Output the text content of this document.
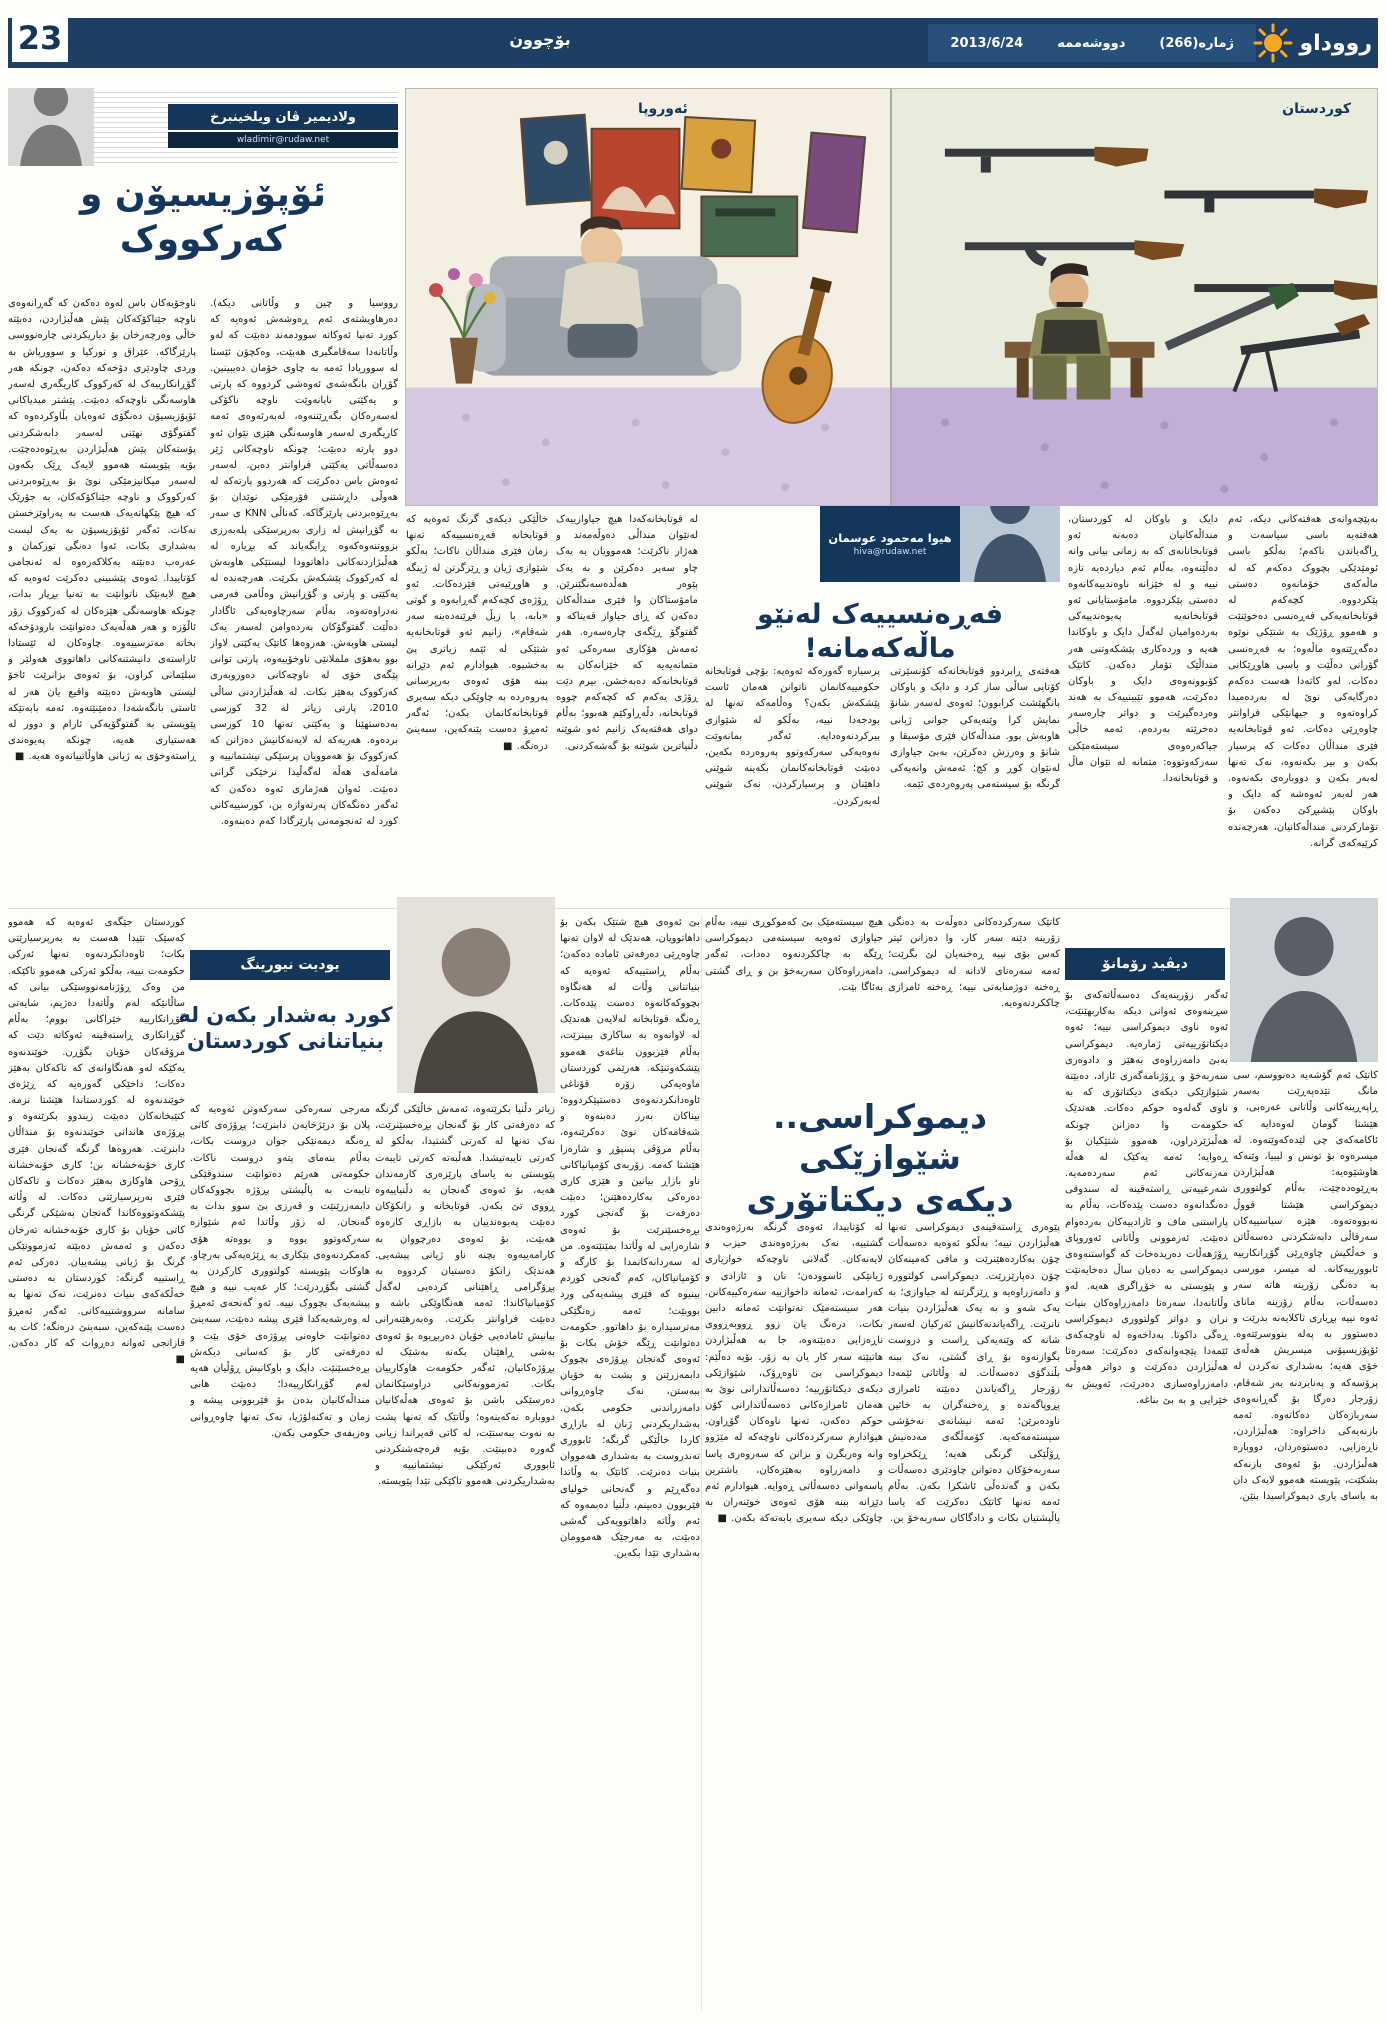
23	بۆچوون	ژماره‌(266)
دووشه‌ممه‌
2013/6/24	رووداو
ولادیمیر ڤان ویلخینبرخ
wladimir@rudaw.net
ئۆپۆزیسیۆن و
که‌رکووک
رووسیا و چین و وڵاتانی دیکە). دەرهاویشتەی ئەم ڕەوشەش ئەوەیە کە کورد تەنیا ئەوکاتە سوودمەند دەبێت کە لەو وڵاتانەدا سەقامگیری هەبێت، وەکچۆن ئێستا لە سووریادا ئەمە بە چاوی خۆمان دەیبینین. گۆڕان بانگەشەی ئەوەشی کردووە کە پارتی و یەکێتی نایانەوێت ناوچە ناکۆکی لەسەرەکان بگەڕێننەوە، لەبەرئەوەی ئەمە کاریگەری لەسەر هاوسەنگی هێزی نێوان ئەو دوو پارتە دەبێت؛ چونکە ناوچەکانی ژێر دەسەڵاتی یەکێتی فراوانتر دەبن. لەسەر ئەوەش باس دەکرێت کە هەردوو پارتەکە لە هەوڵی داڕشتنی فۆرمێکی نوێدان بۆ بەڕێوەبردنی پارێزگاکە. کەناڵی KNN ی سەر بە گۆڕانیش لە زاری بەرپرسێکی پلەبەرزی بزووتنەوەکەوە ڕایگەیاند کە بڕیارە لە هەڵبژاردنەکانی داهاتوودا لیستێکی هاوبەش لە کەرکووک پێشکەش بکرێت. هەرچەندە لە یەکێتی و پارتی و گۆڕانیش وەڵامی فەرمی نەدراوەتەوە، بەڵام سەرچاوەیەکی ئاگادار دەڵێت گفتوگۆکان بەردەوامن لەسەر یەک لیستی هاوبەش. هەروەها کاتێک یەکێتی لاواز بوو بەهۆی ململانێی ناوخۆییەوە، پارتی توانی پێگەی خۆی لە ناوچەکانی دەوروبەری کەرکووک بەهێز بکات. لە هەڵبژاردنی ساڵی 2010، پارتی زیاتر لە 32 کورسی بەدەستهێنا و یەکێتی تەنها 10 کورسی بردەوە. هەریەکە لە لایەنەکانیش دەزانن کە کەرکووک بۆ هەموویان پرسێکی نیشتمانییە و مامەڵەی هەڵە لەگەڵیدا نرخێکی گرانی دەبێت. ئەوان هەژماری ئەوە دەکەن کە ئەگەر دەنگەکان پەرتەوازە بن، کورسییەکانی کورد لە ئەنجومەنی پارێزگادا کەم دەبنەوە.
ناوخۆیەکان باس لەوە دەکەن کە گەڕانەوەی ناوچە جێناکۆکەکان پێش هەڵبژاردن، دەبێتە خاڵی وەرچەرخان بۆ دیاریکردنی چارەنووسی پارێزگاکە. عێراق و تورکیا و سووریاش بە وردی چاودێری دۆخەکە دەکەن، چونکە هەر گۆڕانکارییەک لە کەرکووک کاریگەری لەسەر هاوسەنگی ناوچەکە دەبێت. پێشتر میدیاکانی ئۆپۆزیسیۆن دەنگۆی ئەوەیان بڵاوکردەوە کە گفتوگۆی نهێنی لەسەر دابەشکردنی پۆستەکان پێش هەڵبژاردن بەڕێوەدەچێت. بۆیە پێویستە هەموو لایەک ڕێک بکەون لەسەر میکانیزمێکی نوێ بۆ بەڕێوەبردنی کەرکووک و ناوچە جێناکۆکەکان، بە جۆرێک کە هیچ پێکهاتەیەک هەست بە پەراوێزخستن نەکات. ئەگەر ئۆپۆزیسیۆن بە یەک لیست بەشداری بکات، ئەوا دەنگی تورکمان و عەرەب دەبێتە یەکلاکەرەوە لە ئەنجامی کۆتاییدا. ئەوەی پێشبینی دەکرێت ئەوەیە کە هیچ لایەنێک ناتوانێت بە تەنیا بڕیار بدات، چونکە هاوسەنگی هێزەکان لە کەرکووک زۆر ئاڵۆزە و هەر هەڵەیەک دەتوانێت بارودۆخەکە بخاتە مەترسییەوە. چاوەکان لە ئێستادا ئاراستەی دانیشتنەکانی داهاتووی هەولێر و سلێمانی کراون، بۆ ئەوەی بزانرێت ئاخۆ لیستی هاوبەش دەبێتە واقیع یان هەر لە ئاستی بانگەشەدا دەمێنێتەوە. ئەمە بابەتێکە پێویستی بە گفتوگۆیەکی ئارام و دوور لە هەستیاری هەیە، چونکە پەیوەندی ڕاستەوخۆی بە ژیانی هاوڵاتییانەوە هەیە. ■
ئه‌وروپا	کوردستان
هیوا مه‌حمود عوسمان
hiva@rudaw.net
فه‌ڕه‌نسییه‌ک له‌نێو ماڵه‌که‌مانه‌!
به‌پێچه‌وانه‌ی هەفتەکانی دیکە، ئەم هەفتەیە باسی سیاسەت و ڕاگەیاندن ناکەم؛ بەڵکو باسی ئومێدێکی بچووک دەکەم کە لە ماڵەکەی خۆمانەوە دەستی پێکردووە. کچەکەم لە قوتابخانەیەکی فەڕەنسی دەخوێنێت و هەموو ڕۆژێک بە شتێکی نوێوە دەگەڕێتەوە ماڵەوە؛ بە فەڕەنسی گۆرانی دەڵێت و باسی هاوڕێکانی دەکات. لەو کاتەدا هەست دەکەم دەرگایەکی نوێ لە بەردەمیدا کراوەتەوە و جیهانێکی فراوانتر چاوەڕێی دەکات. ئەو قوتابخانەیە فێری منداڵان دەکات کە پرسیار بکەن و بیر بکەنەوە، نەک تەنها لەبەر بکەن و دووبارەی بکەنەوە. هەر لەبەر ئەوەشە کە دایک و باوکان پێشبڕکێ دەکەن بۆ تۆمارکردنی منداڵەکانیان، هەرچەندە کرێیەکەی گرانە.
دایک و باوکان لە کوردستان، منداڵەکانیان دەبەنە ئەو قوتابخانانەی کە بە زمانی بیانی وانە دەڵێنەوە، بەڵام ئەم دیاردەیە تازە نییە و لە خێزانە ناوەندییەکانەوە دەستی پێکردووە. مامۆستایانی ئەو قوتابخانەیە پەیوەندییەکی بەردەوامیان لەگەڵ دایک و باوکاندا هەیە و وردەکاری پێشکەوتنی هەر منداڵێک تۆمار دەکەن. کاتێک کۆبوونەوەی دایک و باوکان دەکرێت، هەموو تێبینییەک بە هەند وەردەگیرێت و دواتر چارەسەر دەخرێتە بەردەم. ئەمە خاڵی جیاکەرەوەی سیستەمێکی سەرکەوتووە: متمانە لە نێوان ماڵ و قوتابخانەدا.
هەفتەی ڕابردوو قوتابخانەکە کۆنسێرتی کۆتایی ساڵی ساز کرد و دایک و باوکان بانگهێشت کرابوون؛ ئەوەی لەسەر شانۆ نمایش کرا وێنەیەکی جوانی ژیانی هاوبەش بوو. منداڵەکان فێری مۆسیقا و شانۆ و وەرزش دەکرێن، بەبێ جیاوازی لەنێوان کوڕ و کچ؛ ئەمەش وانەیەکی گرنگە بۆ سیستەمی پەروەردەی ئێمە.
پرسیارە گەورەکە ئەوەیە: بۆچی قوتابخانە حکومییەکانمان ناتوانن هەمان ئاست پێشکەش بکەن؟ وەڵامەکە تەنها لە بودجەدا نییە، بەڵکو لە شێوازی بیرکردنەوەدایە. ئەگەر بمانەوێت نەوەیەکی سەرکەوتوو پەروەردە بکەین، دەبێت قوتابخانەکانمان بکەینە شوێنی داهێنان و پرسیارکردن، نەک شوێنی لەبەرکردن.
لە قوتابخانەکەدا هیچ جیاوازییەک لەنێوان منداڵی دەوڵەمەند و هەژار ناکرێت؛ هەموویان بە یەک چاو سەیر دەکرێن و بە یەک پێوەر هەڵدەسەنگێنرێن. مامۆستاکان وا فێری منداڵەکان دەکەن کە ڕای جیاواز قەیناکە و گفتوگۆ ڕێگەی چارەسەرە. هەر ئەمەش هۆکاری سەرەکی ئەو متمانەیەیە کە خێزانەکان بە قوتابخانەکە دەبەخشن. بیرم دێت ڕۆژی یەکەم کە کچەکەم چووە قوتابخانە، دڵەڕاوکێم هەبوو؛ بەڵام دوای هەفتەیەک زانیم ئەو شوێنە دڵنیاترین شوێنە بۆ گەشەکردنی.
خاڵێکی دیکەی گرنگ ئەوەیە کە قوتابخانە فەڕەنسییەکە تەنها زمان فێری منداڵان ناکات؛ بەڵکو شێوازی ژیان و ڕێزگرتن لە ژینگە و هاوڕێیەتی فێردەکات. ئەو ڕۆژەی کچەکەم گەڕایەوە و گوتی «بابە، با زبڵ فڕێنەدەینە سەر شەقام»، زانیم ئەو قوتابخانەیە شتێکی لە ئێمە زیاتری پێ بەخشیوە. هیوادارم ئەم دێڕانە ببنە هۆی ئەوەی بەرپرسانی پەروەردە بە چاوێکی دیکە سەیری قوتابخانەکانمان بکەن؛ ئەگەر ئەمڕۆ دەست پێنەکەین، سبەینێ درەنگە. ■
یودیت نیورینگ
کورد به‌شدار بکه‌ن له‌
بنیاتنانی کوردستان
بێ ئەوەی هیچ شتێک بکەن بۆ داهاتوویان، هەندێک لە لاوان تەنها چاوەڕێی دەرفەتی ئامادە دەکەن؛ بەڵام ڕاستییەکە ئەوەیە کە بنیاتنانی وڵات لە هەنگاوە بچووکەکانەوە دەست پێدەکات. ڕەنگە قوتابخانە لەلایەن هەندێک لە لاوانەوە بە ساکاری ببینرێت، بەڵام فێربوون بناغەی هەموو پێشکەوتنێکە. هەرێمی کوردستان ماوەیەکی زۆرە قۆناغی ئاوەدانکردنەوەی دەستپێکردووە؛ بیناکان بەرز دەبنەوە و شەقامەکان نوێ دەکرێنەوە، بەڵام مرۆڤی پسپۆڕ و شارەزا هێشتا کەمە. زۆربەی کۆمپانیاکانی ناو بازاڕ بیانین و هێزی کاری دەرەکی بەکاردەهێنن؛ دەبێت دەرفەت بۆ گەنجی کورد بڕەخسێنرێت بۆ ئەوەی شارەزایی لە وڵاتدا بمێنێتەوە. من لە سەردانەکانمدا بۆ کارگە و کۆمپانیاکان، کەم گەنجی کوردم بینیوە کە فێری پیشەیەکی ورد بووبێت؛ ئەمە زەنگێکی مەترسیدارە بۆ داهاتوو. حکومەت دەتوانێت ڕێگە خۆش بکات بۆ ئەوەی گەنجان پڕۆژەی بچووک دابمەزرێنن و پشت بە خۆیان ببەستن، نەک چاوەڕوانی دامەزراندنی حکومی بکەن. بەشداریکردنی ژنان لە بازاڕی کاردا خاڵێکی گرنگە؛ ئابووری تەندروست بە بەشداری هەمووان بنیات دەنرێت. کاتێک بە وڵاتدا دەگەڕێم و گەنجانی خولیای فێربوون دەبینم، دڵنیا دەبمەوە کە ئەم وڵاتە داهاتوویەکی گەشی دەبێت، بە مەرجێک هەموومان بەشداری تێدا بکەین.
زیاتر دڵنیا بکرێتەوە، ئەمەش خاڵێکی گرنگە کە دەرفەتی کار بۆ گەنجان بڕەخسێنرێت، نەک تەنها لە کەرتی گشتیدا، بەڵکو لە کەرتی تایبەتیشدا. هەڵبەتە کەرتی تایبەت پێویستی بە یاسای پارێزەری کارمەندان هەیە، بۆ ئەوەی گەنجان بە دڵنیاییەوە ڕووی تێ بکەن. قوتابخانە و زانکۆکان دەبێت پەیوەندییان بە بازاڕی کارەوە هەبێت، بۆ ئەوەی دەرچووان بە کارامەییەوە بچنە ناو ژیانی پیشەیی. هەندێک زانکۆ دەستیان کردووە بە پڕۆگرامی ڕاهێنانی کردەیی لەگەڵ کۆمپانیاکاندا؛ ئەمە هەنگاوێکی باشە و دەبێت فراوانتر بکرێت. وەبەرهێنەرانی بیانیش ئامادەیی خۆیان دەربڕیوە بۆ ئەوەی بەشی ڕاهێنان بکەنە بەشێک لە پڕۆژەکانیان، ئەگەر حکومەت هاوکارییان بکات. ئەزموونەکانی دراوسێکانمان دەرسێکی باشن بۆ ئەوەی هەڵەکانیان دووبارە نەکەینەوە؛ وڵاتێک کە تەنها پشت بە نەوت ببەستێت، لە کاتی قەیراندا زیانی گەورە دەبینێت. بۆیە فرەچەشنکردنی ئابووری ئەرکێکی نیشتمانییە و بەشداریکردنی هەموو تاکێکی تێدا پێویستە.
مەرجی سەرەکی سەرکەوتن ئەوەیە کە پلان بۆ درێژخایەن دابنرێت؛ پڕۆژەی کاتی ڕەنگە دیمەنێکی جوان دروست بکات، بەڵام بنەمای پتەو دروست ناکات. حکومەتی هەرێم دەتوانێت سندوقێکی تایبەت بە پاڵپشتی پڕۆژە بچووکەکان دابمەزرێنێت و قەرزی بێ سوو بدات بە گەنجان. لە زۆر وڵاتدا ئەم شێوازە سەرکەوتوو بووە و بووەتە هۆی کەمکردنەوەی بێکاری بە ڕێژەیەکی بەرچاو. هاوکات پێویستە کولتووری کارکردن بە گشتی بگۆڕدرێت؛ کار عەیب نییە و هیچ پیشەیەک بچووک نییە. ئەو گەنجەی ئەمڕۆ لە وەرشەیەکدا فێری پیشە دەبێت، سبەینێ دەتوانێت خاوەنی پڕۆژەی خۆی بێت و دەرفەتی کار بۆ کەسانی دیکەش بڕەخسێنێت. دایک و باوکانیش ڕۆڵیان هەیە لەم گۆڕانکارییەدا؛ دەبێت هانی منداڵەکانیان بدەن بۆ فێربوونی پیشە و زمان و تەکنەلۆژیا، نەک تەنها چاوەڕوانی وەزیفەی حکومی بکەن.
کوردستان جێگەی ئەوەیە کە هەموو کەسێک تێیدا هەست بە بەرپرسیارێتی بکات؛ ئاوەدانکردنەوە تەنها ئەرکی حکومەت نییە، بەڵکو ئەرکی هەموو تاکێکە. من وەک ڕۆژنامەنووسێکی بیانی کە ساڵانێکە لەم وڵاتەدا دەژیم، شایەتی گۆڕانکارییە خێراکانی بووم؛ بەڵام گۆڕانکاری ڕاستەقینە ئەوکاتە دێت کە مرۆڤەکان خۆیان بگۆڕن. خوێندنەوە یەکێکە لەو هەنگاوانەی کە تاکەکان بەهێز دەکات؛ داخێکی گەورەیە کە ڕێژەی خوێندنەوە لە کوردستاندا هێشتا نزمە. کتێبخانەکان دەبێت زیندوو بکرێنەوە و پڕۆژەی هاندانی خوێندنەوە بۆ منداڵان دابنرێت. هەروەها گرنگە گەنجان فێری کاری خۆبەخشانە بن؛ کاری خۆبەخشانە ڕۆحی هاوکاری بەهێز دەکات و تاکەکان فێری بەرپرسیارێتی دەکات. لە وڵاتە پێشکەوتووەکاندا گەنجان بەشێکی گرنگی کاتی خۆیان بۆ کاری خۆبەخشانە تەرخان دەکەن و ئەمەش دەبێتە ئەزموونێکی گرنگ بۆ ژیانی پیشەییان. دەرکی ئەم ڕاستییە گرنگە: کوردستان بە دەستی خەڵکەکەی بنیات دەنرێت، نەک تەنها بە سامانە سرووشتییەکانی. ئەگەر ئەمڕۆ دەست پێنەکەین، سبەینێ درەنگە؛ کات بە قازانجی ئەوانە دەڕوات کە کار دەکەن. ■
دیڤید رۆمانۆ
کاتێک سەرکردەکانی دەوڵەت بە دەنگی زۆرینە دێنە سەر کار، وا دەزانن ئیتر کەس بۆی نییە ڕەخنەیان لێ بگرێت؛ ئەمە سەرەتای لادانە لە دیموکراسی. ڕەخنە دوژمنایەتی نییە؛ ڕەخنە ئامرازی چاککردنەوەیە.
هیچ سیستەمێک بێ کەموکوڕی نییە، بەڵام جیاوازی ئەوەیە سیستەمی دیموکراسی ڕێگە بە چاککردنەوە دەدات، ئەگەر دامەزراوەکان سەربەخۆ بن و ڕای گشتی بەئاگا بێت.
دیموکراسی.. شێوازێکی
دیکه‌ی دیکتاتۆری
کاتێک ئەم گۆشەیە دەنووسم، سی مانگ تێدەپەڕێت بەسەر ڕاپەڕینەکانی وڵاتانی عەرەبی، و هێشتا گومان لەوەدایە کە ئاکامەکەی چی لێدەکەوێتەوە. لە میسرەوە بۆ تونس و لیبیا، وێنەکە هاوشێوەیە: هەڵبژاردن بەڕێوەدەچێت، بەڵام کولتووری دیموکراسی هێشتا قووڵ نەبووەتەوە. هێزە سیاسییەکان سەرقاڵی دابەشکردنی دەسەڵاتن و خەڵکیش چاوەڕێی گۆڕانکارییە ئابوورییەکانە. لە میسر، مورسی بە دەنگی زۆرینە هاتە سەر دەسەڵات، بەڵام زۆرینە مانای ئەوە نییە بڕیاری تاکلایەنە بدرێت و دەستوور بە پەلە بنووسرێتەوە. ئۆپۆزیسیۆنی میسریش هەڵەی خۆی هەیە؛ بەشداری نەکردن لە پرۆسەکە و پەنابردنە بەر شەقام، زۆرجار دەرگا بۆ گەڕانەوەی سەربازەکان دەکاتەوە. ئەمە بازنەیەکی داخراوە: هەڵبژاردن، ناڕەزایی، دەستوەردان، دووبارە هەڵبژاردن. بۆ ئەوەی بازنەکە بشکێت، پێویستە هەموو لایەک دان بە یاسای یاری دیموکراسیدا بنێن.
ئەگەر زۆرینەیەک دەسەڵاتەکەی بۆ سڕینەوەی ئەوانی دیکە بەکاربهێنێت، ئەوە ناوی دیموکراسی نییە؛ ئەوە دیکتاتۆرییەتی ژمارەیە. دیموکراسی بەبێ دامەزراوەی بەهێز و دادوەری سەربەخۆ و ڕۆژنامەگەری ئازاد، دەبێتە شێوازێکی دیکەی دیکتاتۆری کە بە ناوی گەلەوە حوکم دەکات. هەندێک حکومەت وا دەزانن چونکە هەڵبژێردراون، هەموو شتێکیان بۆ ڕەوایە؛ ئەمە یەکێک لە هەڵە مەزنەکانی ئەم سەردەمەیە. شەرعییەتی ڕاستەقینە لە سندوقی دەنگدانەوە دەست پێدەکات، بەڵام بە پاراستنی ماف و ئازادییەکان بەردەوام دەبێت. ئەزموونی وڵاتانی ئەوروپای ڕۆژهەڵات دەریدەخات کە گواستنەوەی دیموکراسی بە دەیان ساڵ دەخایەنێت و پێویستی بە خۆڕاگری هەیە. لەو وڵاتانەدا، سەرەتا دامەزراوەکان بنیات نران و دواتر کولتووری دیموکراسی ڕەگی داکوتا. بەداخەوە لە ناوچەکەی ئێمەدا پێچەوانەکەی دەکرێت: سەرەتا هەڵبژاردن دەکرێت و دواتر هەوڵی دامەزراوەسازی دەدرێت، ئەویش بە خێرایی و بە بێ بناغە.
پێوەری ڕاستەقینەی دیموکراسی تەنها هەڵبژاردن نییە؛ بەڵکو ئەوەیە دەسەڵات چۆن بەکاردەهێنرێت و مافی کەمینەکان چۆن دەپارێزرێت. دیموکراسی کولتوورە و دامەزراوەیە و ڕێزگرتنە لە جیاوازی؛ بە یەک شەو و بە یەک هەڵبژاردن بنیات نانرێت. ڕاگەیاندنەکانیش ئەرکیان لەسەر شانە کە وێنەیەکی ڕاست و دروست بگوازنەوە بۆ ڕای گشتی، نەک ببنە بڵندگۆی دەسەڵات. لە وڵاتانی ئێمەدا زۆرجار ڕاگەیاندن دەبێتە ئامرازی پڕوپاگەندە و ڕەخنەگران بە خائین ناودەبرێن؛ ئەمە نیشانەی نەخۆشی سیستەمەکەیە. کۆمەڵگەی مەدەنیش ڕۆڵێکی گرنگی هەیە؛ ڕێکخراوە سەربەخۆکان دەتوانن چاودێری دەسەڵات بکەن و گەندەڵی ئاشکرا بکەن. بەڵام ئەمە تەنها کاتێک دەکرێت کە یاسا پاڵپشتیان بکات و دادگاکان سەربەخۆ بن.
لە کۆتاییدا، ئەوەی گرنگە بەرژەوەندی گشتییە، نەک بەرژەوەندی حیزب و لایەنەکان. گەلانی ناوچەکە خوازیاری ژیانێکی ئاسوودەن؛ نان و ئازادی و کەرامەت، ئەمانە داخوازییە سەرەکییەکانن. هەر سیستەمێک نەتوانێت ئەمانە دابین بکات، درەنگ یان زوو ڕووبەڕووی ناڕەزایی دەبێتەوە، جا بە هەڵبژاردن هاتبێتە سەر کار یان بە زۆر. بۆیە دەڵێم: دیموکراسی بێ ناوەڕۆک، شێوازێکی دیکەی دیکتاتۆرییە؛ دەسەڵاتدارانی نوێ بە هەمان ئامرازەکانی دەسەڵاتدارانی کۆن حوکم دەکەن، تەنها ناوەکان گۆڕاون. هیوادارم سەرکردەکانی ناوچەکە لە مێژوو وانە وەربگرن و بزانن کە سەروەری یاسا و دامەزراوە بەهێزەکان، باشترین پاسەوانی دەسەڵاتی ڕەوایە. هیوادارم ئەم دێڕانە ببنە هۆی ئەوەی خوێنەران بە چاوێکی دیکە سەیری بابەتەکە بکەن. ■
